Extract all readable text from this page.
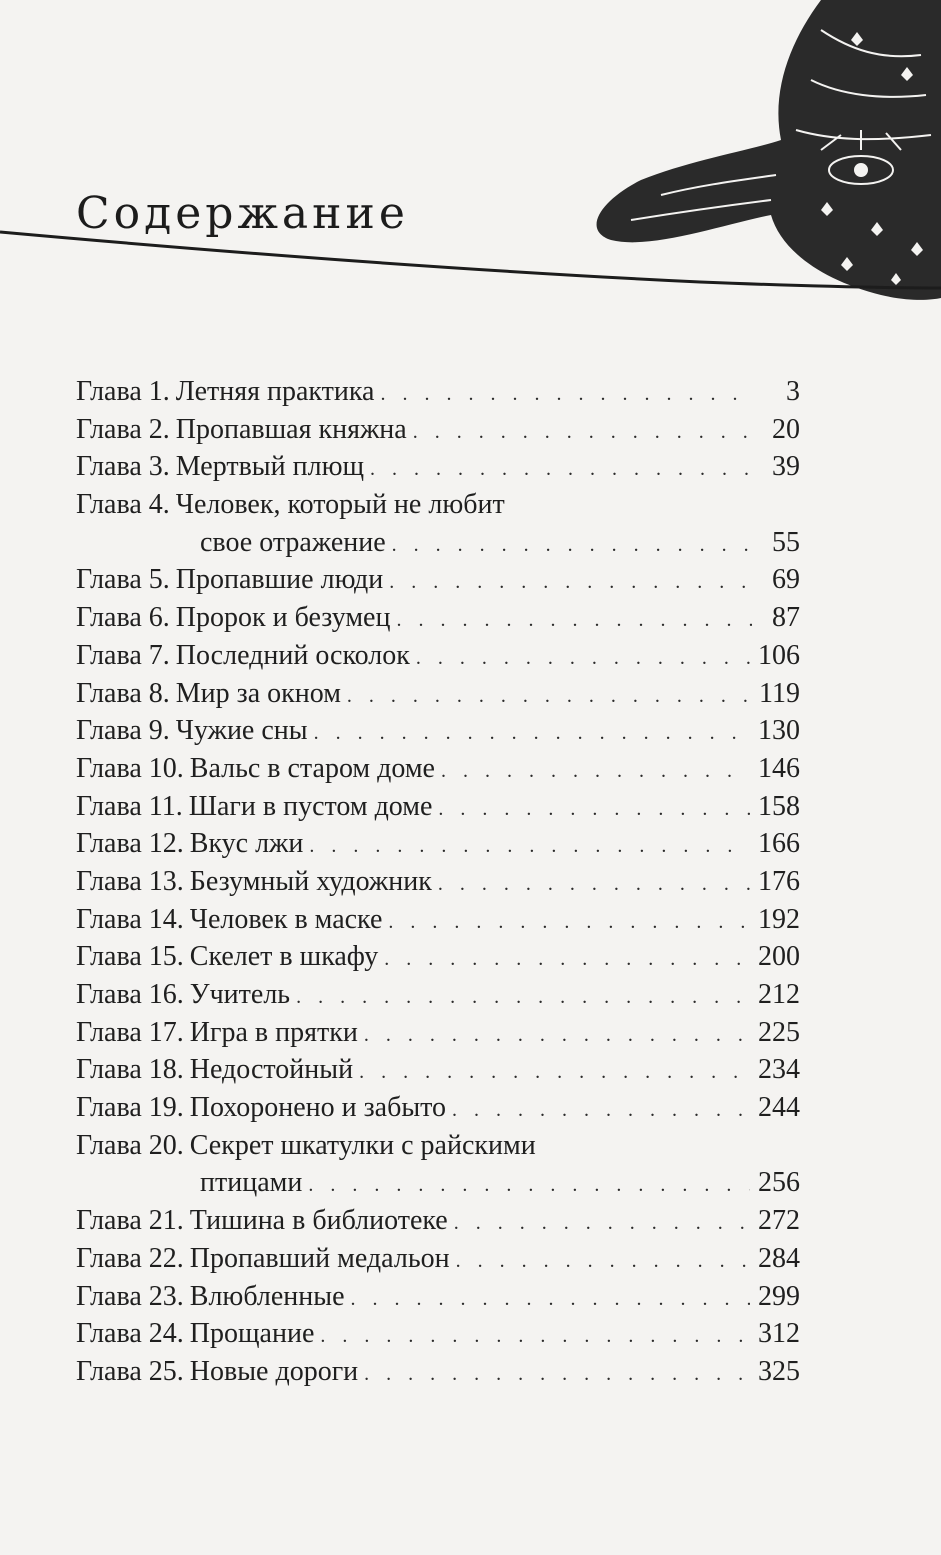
Содержание
Глава 1. Летняя практика . . .	3
Глава 2. Пропавшая княжна . . .	20
Глава 3. Мертвый плющ . . .	39
Глава 4. Человек, который не любит
свое отражение . . .	55
Глава 5. Пропавшие люди . . .	69
Глава 6. Пророк и безумец . . .	87
Глава 7. Последний осколок . . .	106
Глава 8. Мир за окном . . .	119
Глава 9. Чужие сны . . .	130
Глава 10. Вальс в старом доме . . .	146
Глава 11. Шаги в пустом доме . . .	158
Глава 12. Вкус лжи . . .	166
Глава 13. Безумный художник . . .	176
Глава 14. Человек в маске . . .	192
Глава 15. Скелет в шкафу . . .	200
Глава 16. Учитель . . .	212
Глава 17. Игра в прятки . . .	225
Глава 18. Недостойный . . .	234
Глава 19. Похоронено и забыто . . .	244
Глава 20. Секрет шкатулки с райскими
птицами . . .	256
Глава 21. Тишина в библиотеке . . .	272
Глава 22. Пропавший медальон . . .	284
Глава 23. Влюбленные . . .	299
Глава 24. Прощание . . .	312
Глава 25. Новые дороги . . .	325
